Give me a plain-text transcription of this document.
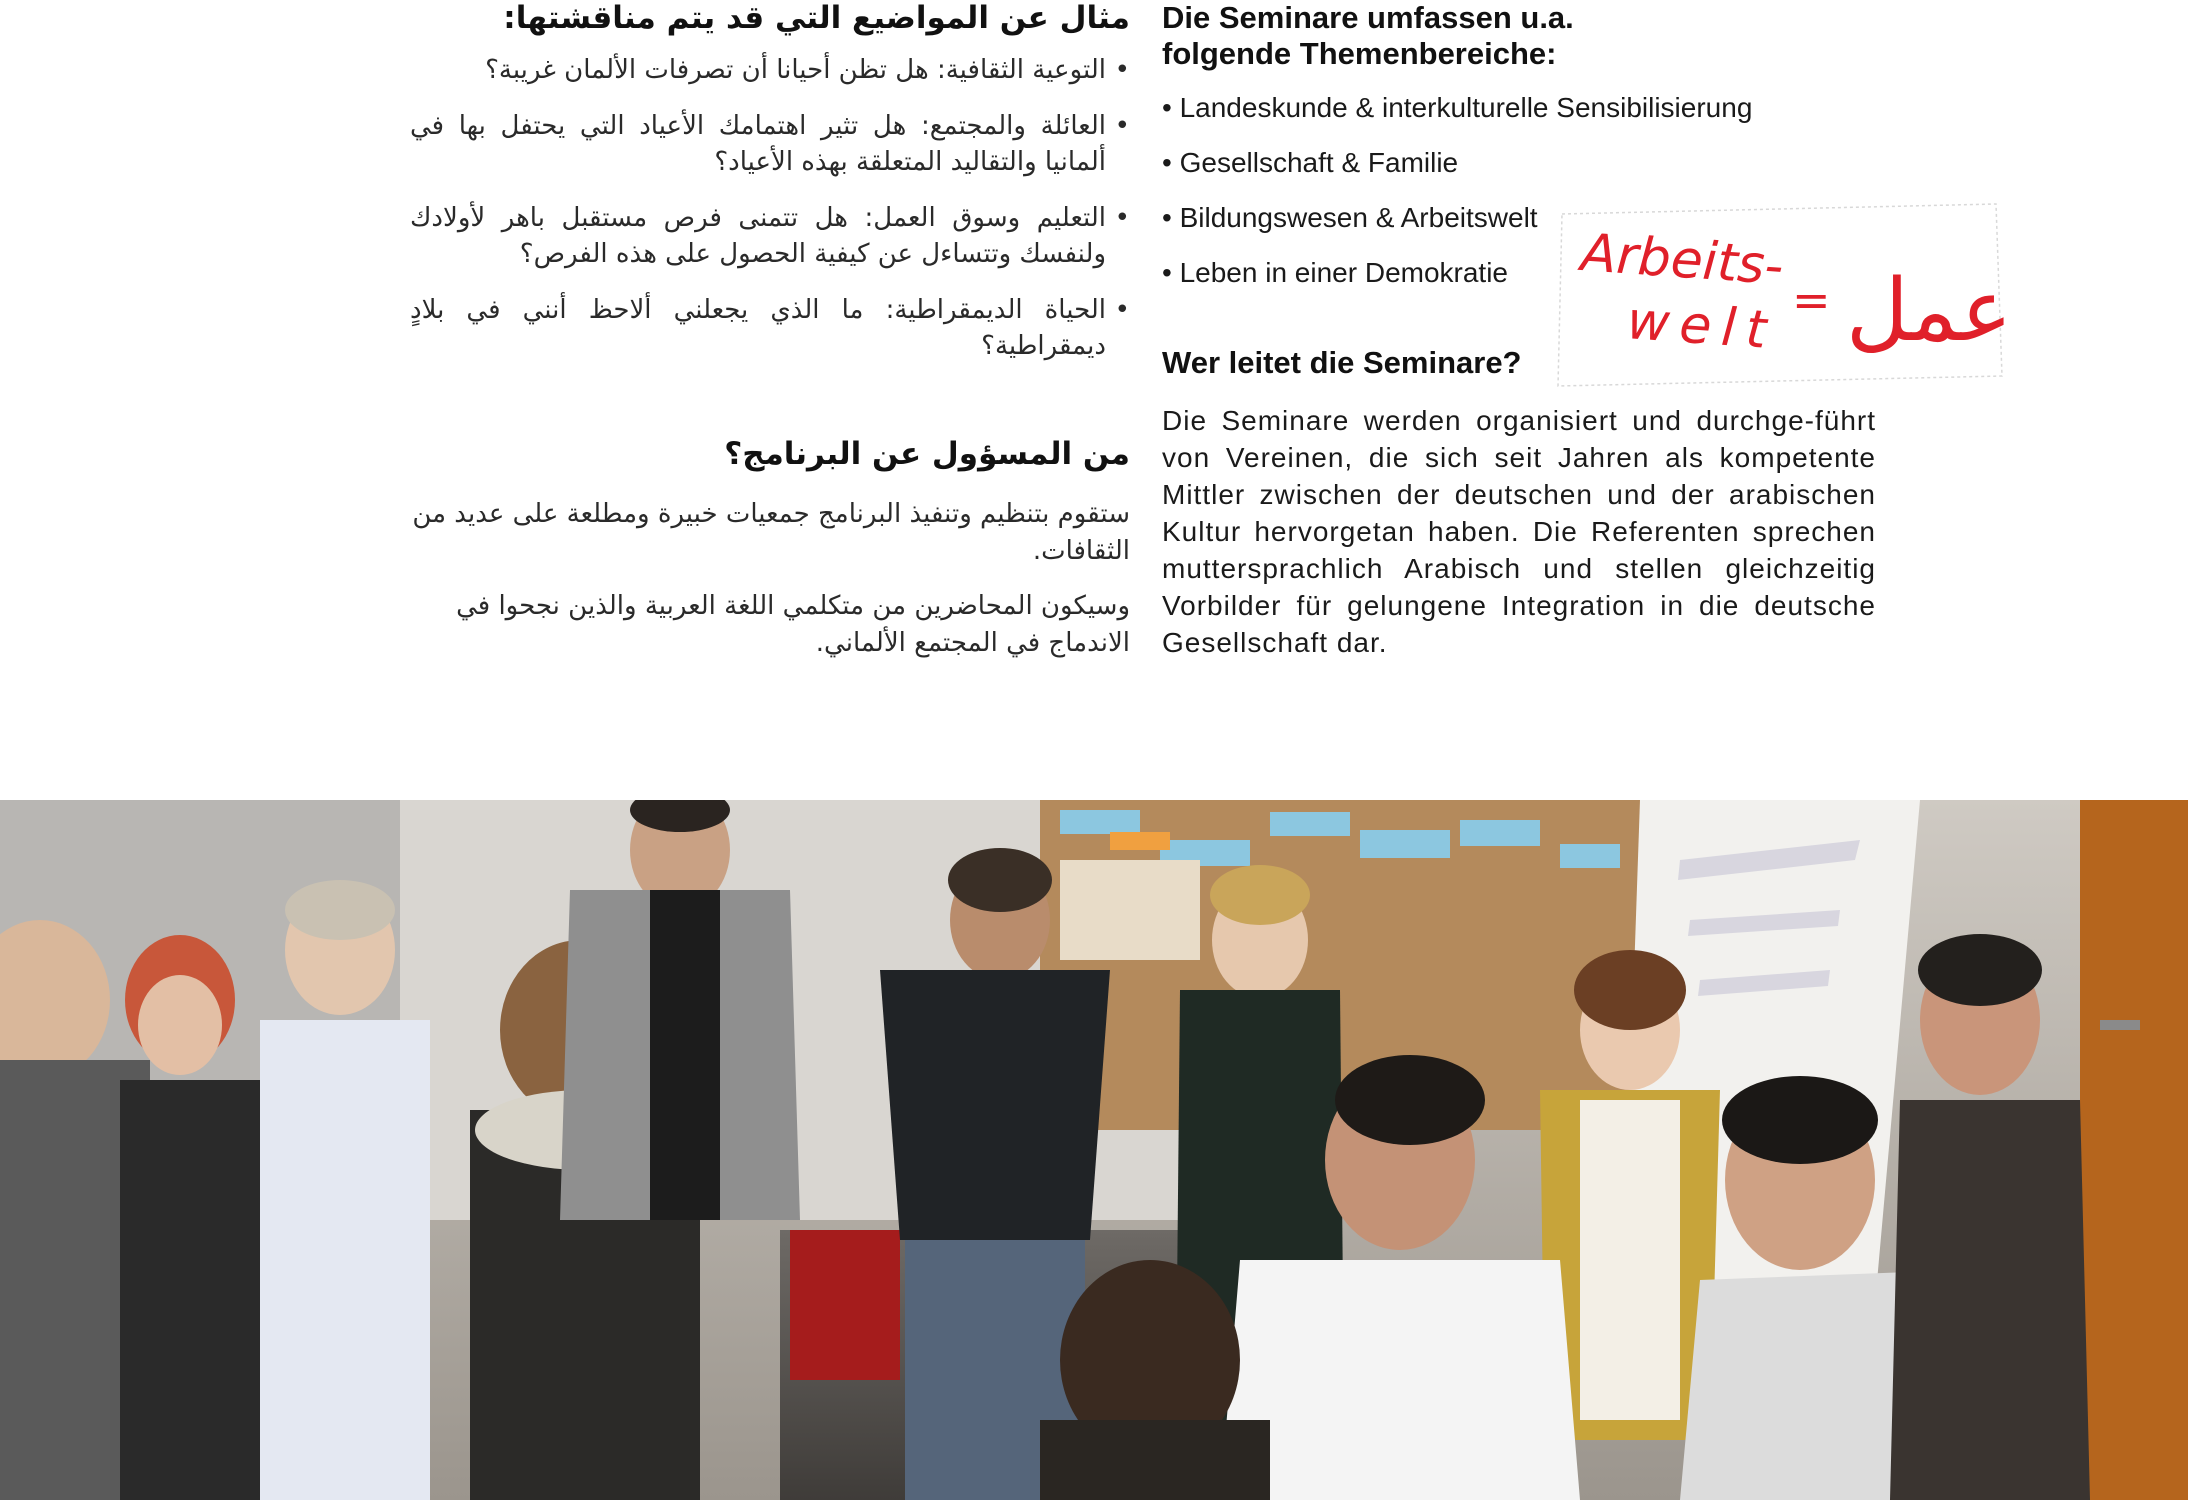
مثال عن المواضيع التي قد يتم مناقشتها:
• التوعية الثقافية: هل تظن أحيانا أن تصرفات الألمان غريبة؟
• العائلة والمجتمع: هل تثير اهتمامك الأعياد التي يحتفل بها في ألمانيا والتقاليد المتعلقة بهذه الأعياد؟
• التعليم وسوق العمل: هل تتمنى فرص مستقبل باهر لأولادك ولنفسك وتتساءل عن كيفية الحصول على هذه الفرص؟
• الحياة الديمقراطية: ما الذي يجعلني ألاحظ أنني في بلادٍ ديمقراطية؟
من المسؤول عن البرنامج؟

ستقوم بتنظيم وتنفيذ البرنامج جمعيات خبيرة ومطلعة على عديد من الثقافات.

وسيكون المحاضرين من متكلمي اللغة العربية والذين نجحوا في الاندماج في المجتمع الألماني.

Die Seminare umfassen u.a. folgende Themenbereiche:
• Landeskunde & interkulturelle Sensibilisierung
• Gesellschaft & Familie
• Bildungswesen & Arbeitswelt
• Leben in einer Demokratie
Wer leitet die Seminare?
Die Seminare werden organisiert und durchge-führt von Vereinen, die sich seit Jahren als kompetente Mittler zwischen der deutschen und der arabischen Kultur hervorgetan haben. Die Referenten sprechen muttersprachlich Arabisch und stellen gleichzeitig Vorbilder für gelungene Integration in die deutsche Gesellschaft dar.
Arbeits-
welt = عمل
